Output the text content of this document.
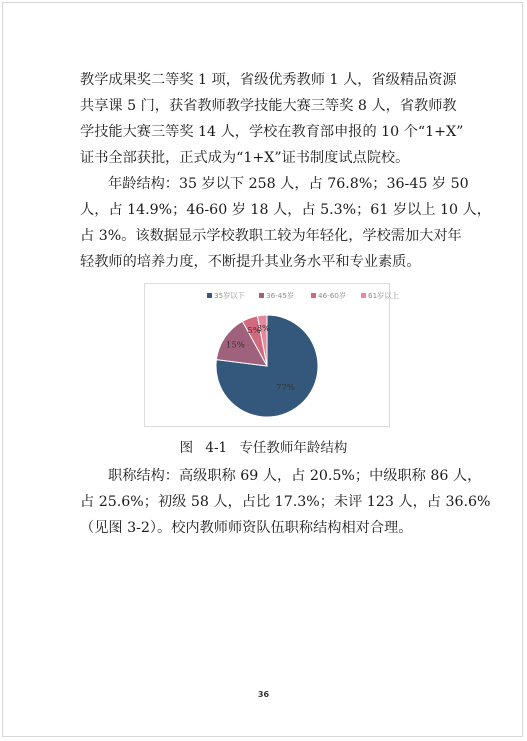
教学成果奖二等奖 1 项，省级优秀教师 1 人，省级精品资源
共享课 5 门，获省教师教学技能大赛三等奖 8 人，省教师教
学技能大赛三等奖 14 人，学校在教育部申报的 10 个“1+X”
证书全部获批，正式成为“1+X”证书制度试点院校。
年龄结构：35 岁以下 258 人，占 76.8%；36-45 岁 50
人，占 14.9%；46-60 岁 18 人，占 5.3%；61 岁以上 10 人，
占 3%。该数据显示学校教职工较为年轻化，学校需加大对年
轻教师的培养力度，不断提升其业务水平和专业素质。
35岁以下	36-45岁	46-60岁	61岁以上
77%
15%
5%
3%
图 4-1 专任教师年龄结构
职称结构：高级职称 69 人，占 20.5%；中级职称 86 人，
占 25.6%；初级 58 人，占比 17.3%；未评 123 人，占 36.6%
（见图 3-2）。校内教师师资队伍职称结构相对合理。
36
